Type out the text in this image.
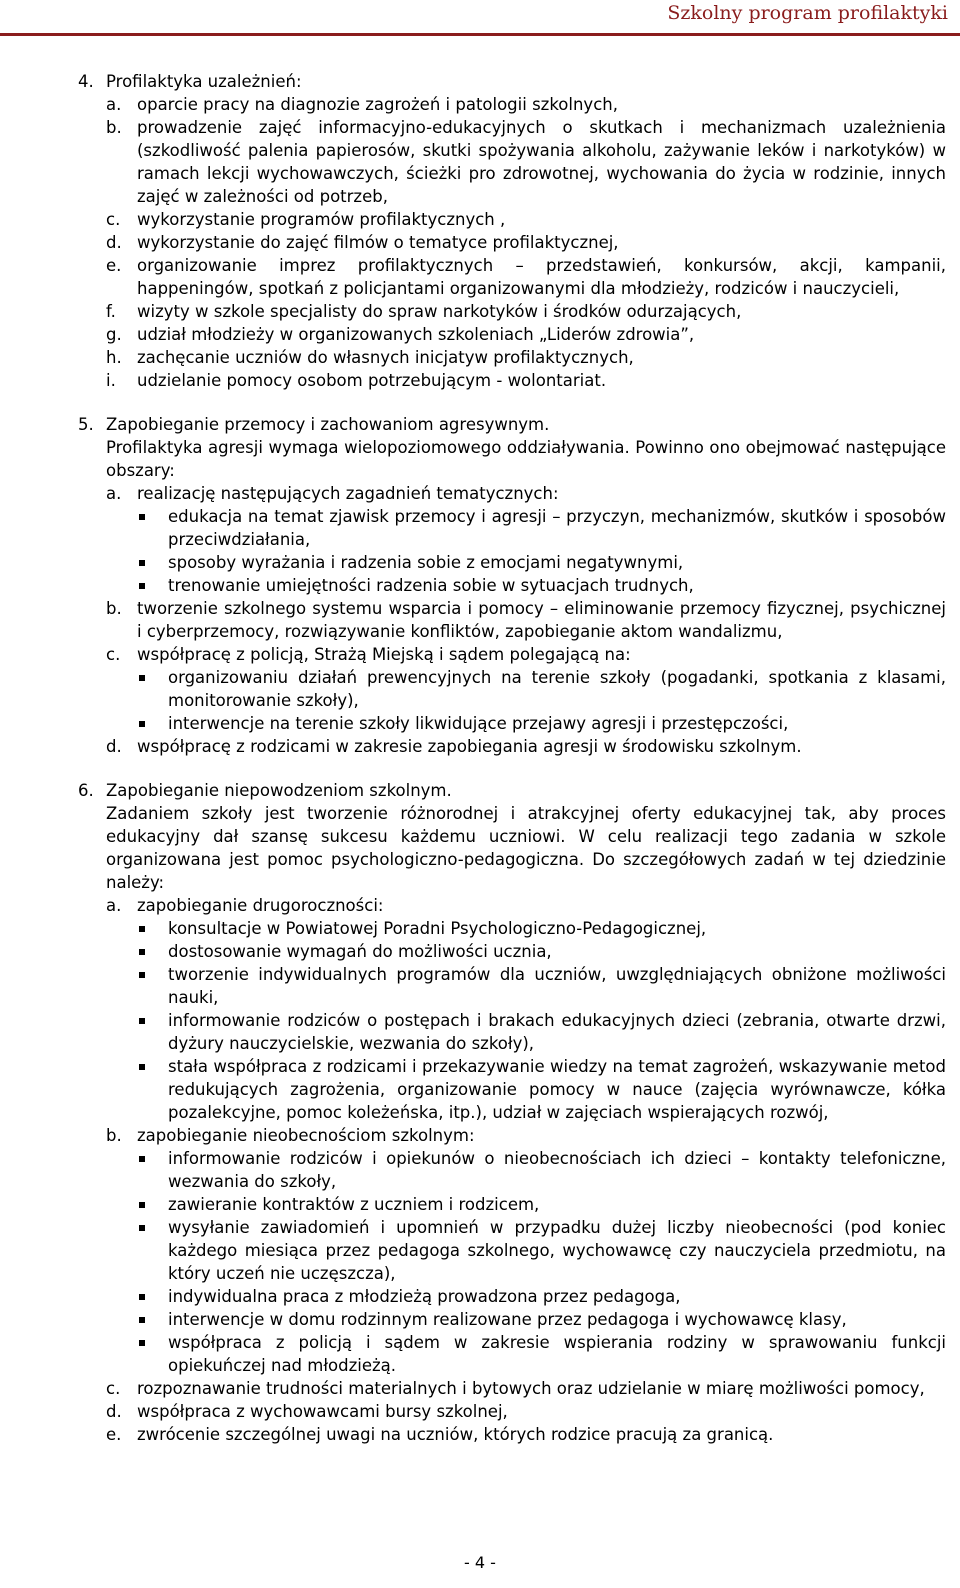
Szkolny program profilaktyki
4. Profilaktyka uzależnień:
a. oparcie pracy na diagnozie zagrożeń i patologii szkolnych,
b. prowadzenie zajęć informacyjno-edukacyjnych o skutkach i mechanizmach uzależnienia (szkodliwość palenia papierosów, skutki spożywania alkoholu, zażywanie leków i narkotyków) w ramach lekcji wychowawczych, ścieżki pro zdrowotnej, wychowania do życia w rodzinie, innych zajęć w zależności od potrzeb,
c. wykorzystanie programów profilaktycznych ,
d. wykorzystanie do zajęć filmów o tematyce profilaktycznej,
e. organizowanie imprez profilaktycznych – przedstawień, konkursów, akcji, kampanii, happeningów, spotkań z policjantami organizowanymi dla młodzieży, rodziców i nauczycieli,
f. wizyty w szkole specjalisty do spraw narkotyków i środków odurzających,
g. udział młodzieży w organizowanych szkoleniach „Liderów zdrowia”,
h. zachęcanie uczniów do własnych inicjatyw profilaktycznych,
i. udzielanie pomocy osobom potrzebującym - wolontariat.
5. Zapobieganie przemocy i zachowaniom agresywnym.
Profilaktyka agresji wymaga wielopoziomowego oddziaływania. Powinno ono obejmować następujące obszary:
a. realizację następujących zagadnień tematycznych:
edukacja na temat zjawisk przemocy i agresji – przyczyn, mechanizmów, skutków i sposobów przeciwdziałania,
sposoby wyrażania i radzenia sobie z emocjami negatywnymi,
trenowanie umiejętności radzenia sobie w sytuacjach trudnych,
b. tworzenie szkolnego systemu wsparcia i pomocy – eliminowanie przemocy fizycznej, psychicznej i cyberprzemocy, rozwiązywanie konfliktów, zapobieganie aktom wandalizmu,
c. współpracę z policją, Strażą Miejską i sądem polegającą na:
organizowaniu działań prewencyjnych na terenie szkoły (pogadanki, spotkania z klasami, monitorowanie szkoły),
interwencje na terenie szkoły likwidujące przejawy agresji i przestępczości,
d. współpracę z rodzicami w zakresie zapobiegania agresji w środowisku szkolnym.
6. Zapobieganie niepowodzeniom szkolnym.
Zadaniem szkoły jest tworzenie różnorodnej i atrakcyjnej oferty edukacyjnej tak, aby proces edukacyjny dał szansę sukcesu każdemu uczniowi. W celu realizacji tego zadania w szkole organizowana jest pomoc psychologiczno-pedagogiczna. Do szczegółowych zadań w tej dziedzinie należy:
a. zapobieganie drugoroczności:
konsultacje w Powiatowej Poradni Psychologiczno-Pedagogicznej,
dostosowanie wymagań do możliwości ucznia,
tworzenie indywidualnych programów dla uczniów, uwzględniających obniżone możliwości nauki,
informowanie rodziców o postępach i brakach edukacyjnych dzieci (zebrania, otwarte drzwi, dyżury nauczycielskie, wezwania do szkoły),
stała współpraca z rodzicami i przekazywanie wiedzy na temat zagrożeń, wskazywanie metod redukujących zagrożenia, organizowanie pomocy w nauce (zajęcia wyrównawcze, kółka pozalekcyjne, pomoc koleżeńska, itp.), udział w zajęciach wspierających rozwój,
b. zapobieganie nieobecnościom szkolnym:
informowanie rodziców i opiekunów o nieobecnościach ich dzieci – kontakty telefoniczne, wezwania do szkoły,
zawieranie kontraktów z uczniem i rodzicem,
wysyłanie zawiadomień i upomnień w przypadku dużej liczby nieobecności (pod koniec każdego miesiąca przez pedagoga szkolnego, wychowawcę czy nauczyciela przedmiotu, na który uczeń nie uczęszcza),
indywidualna praca z młodzieżą prowadzona przez pedagoga,
interwencje w domu rodzinnym realizowane przez pedagoga i wychowawcę klasy,
współpraca z policją i sądem w zakresie wspierania rodziny w sprawowaniu funkcji opiekuńczej nad młodzieżą.
c. rozpoznawanie trudności materialnych i bytowych oraz udzielanie w miarę możliwości pomocy,
d. współpraca z wychowawcami bursy szkolnej,
e. zwrócenie szczególnej uwagi na uczniów, których rodzice pracują za granicą.
- 4 -
